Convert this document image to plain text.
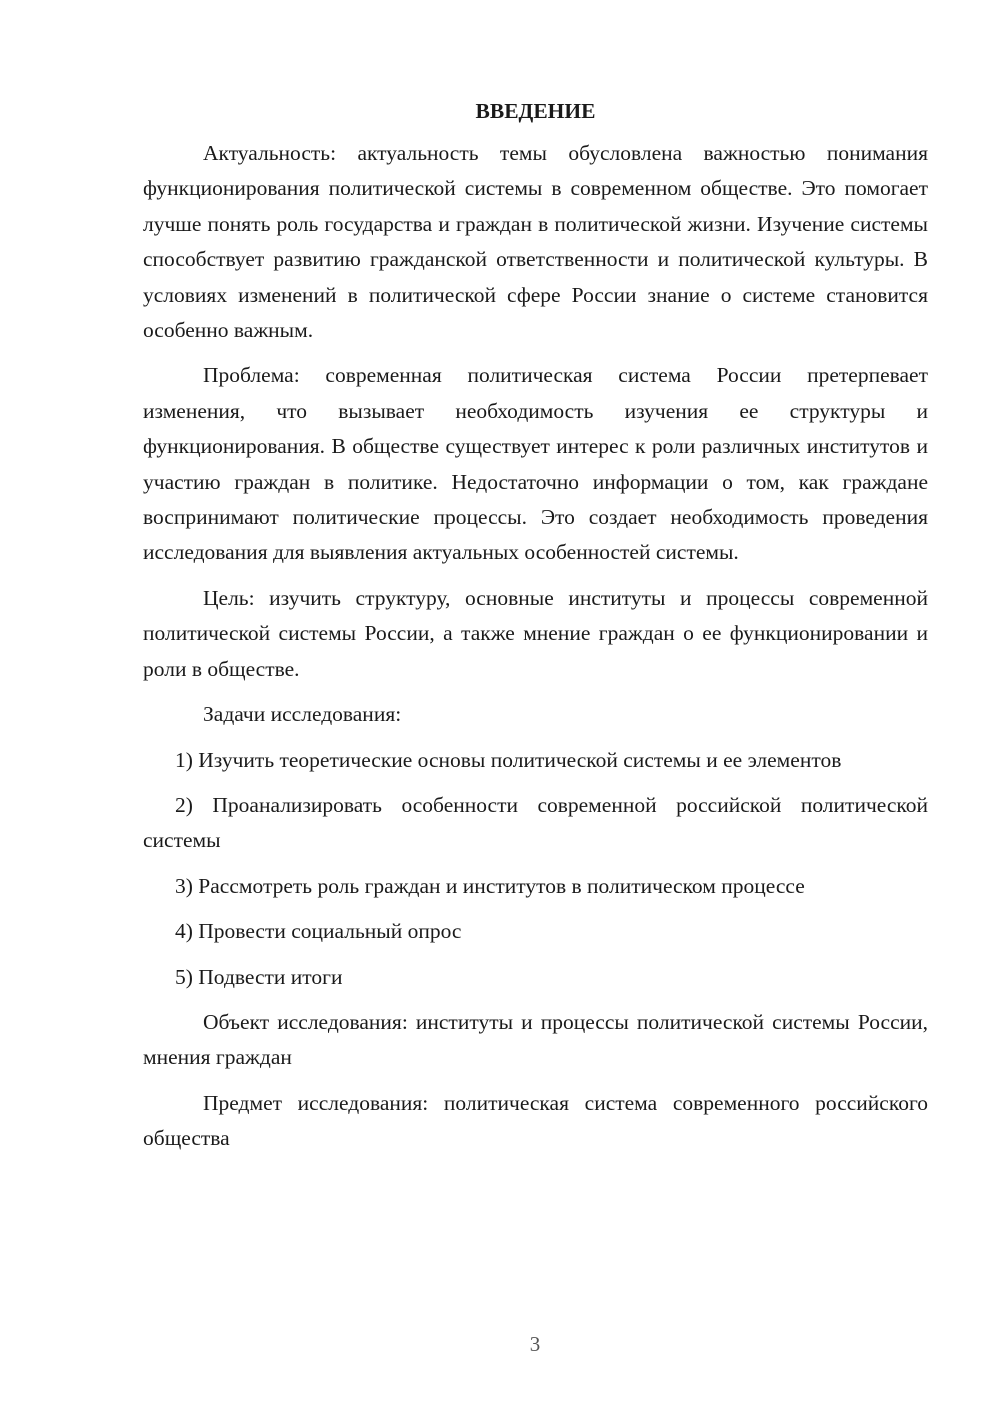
ВВЕДЕНИЕ

Актуальность: актуальность темы обусловлена важностью понимания функционирования политической системы в современном обществе. Это помогает лучше понять роль государства и граждан в политической жизни. Изучение системы способствует развитию гражданской ответственности и политической культуры. В условиях изменений в политической сфере России знание о системе становится особенно важным.

Проблема: современная политическая система России претерпевает изменения, что вызывает необходимость изучения ее структуры и функционирования. В обществе существует интерес к роли различных институтов и участию граждан в политике. Недостаточно информации о том, как граждане воспринимают политические процессы. Это создает необходимость проведения исследования для выявления актуальных особенностей системы.

Цель: изучить структуру, основные институты и процессы современной политической системы России, а также мнение граждан о ее функционировании и роли в обществе.

Задачи исследования:

1) Изучить теоретические основы политической системы и ее элементов

2) Проанализировать особенности современной российской политической системы

3) Рассмотреть роль граждан и институтов в политическом процессе

4) Провести социальный опрос

5) Подвести итоги

Объект исследования: институты и процессы политической системы России, мнения граждан

Предмет исследования: политическая система современного российского общества

3
